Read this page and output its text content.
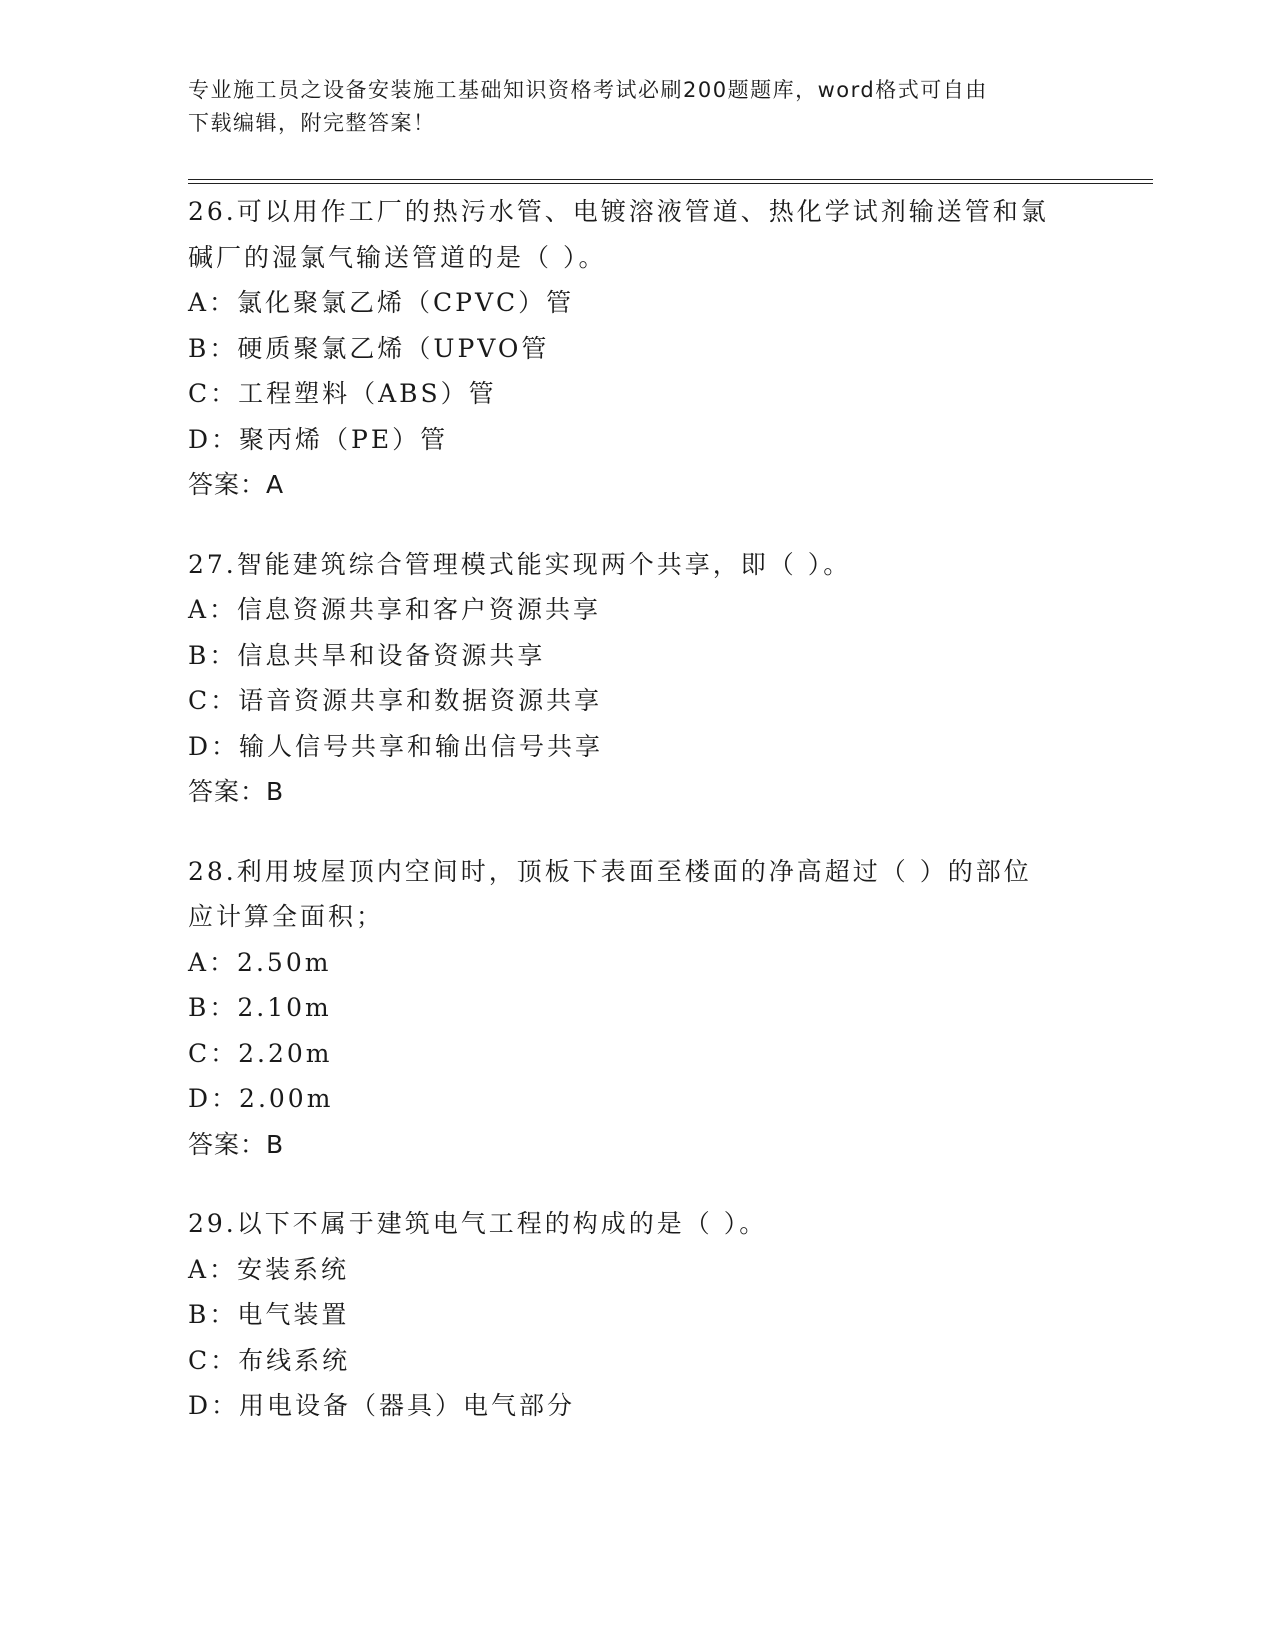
专业施工员之设备安装施工基础知识资格考试必刷200题题库，word格式可自由
下载编辑，附完整答案！
26.可以用作工厂的热污水管、电镀溶液管道、热化学试剂输送管和氯
碱厂的湿氯气输送管道的是（ ）。
A：氯化聚氯乙烯（CPVC）管
B：硬质聚氯乙烯（UPVO管
C：工程塑料（ABS）管
D：聚丙烯（PE）管
答案：A
27.智能建筑综合管理模式能实现两个共享，即（ ）。
A：信息资源共享和客户资源共享
B：信息共旱和设备资源共享
C：语音资源共享和数据资源共享
D：输人信号共享和输出信号共享
答案：B
28.利用坡屋顶内空间时，顶板下表面至楼面的净高超过（ ）的部位
应计算全面积；
A：2.50m
B：2.10m
C：2.20m
D：2.00m
答案：B
29.以下不属于建筑电气工程的构成的是（ ）。
A：安装系统
B：电气装置
C：布线系统
D：用电设备（器具）电气部分
